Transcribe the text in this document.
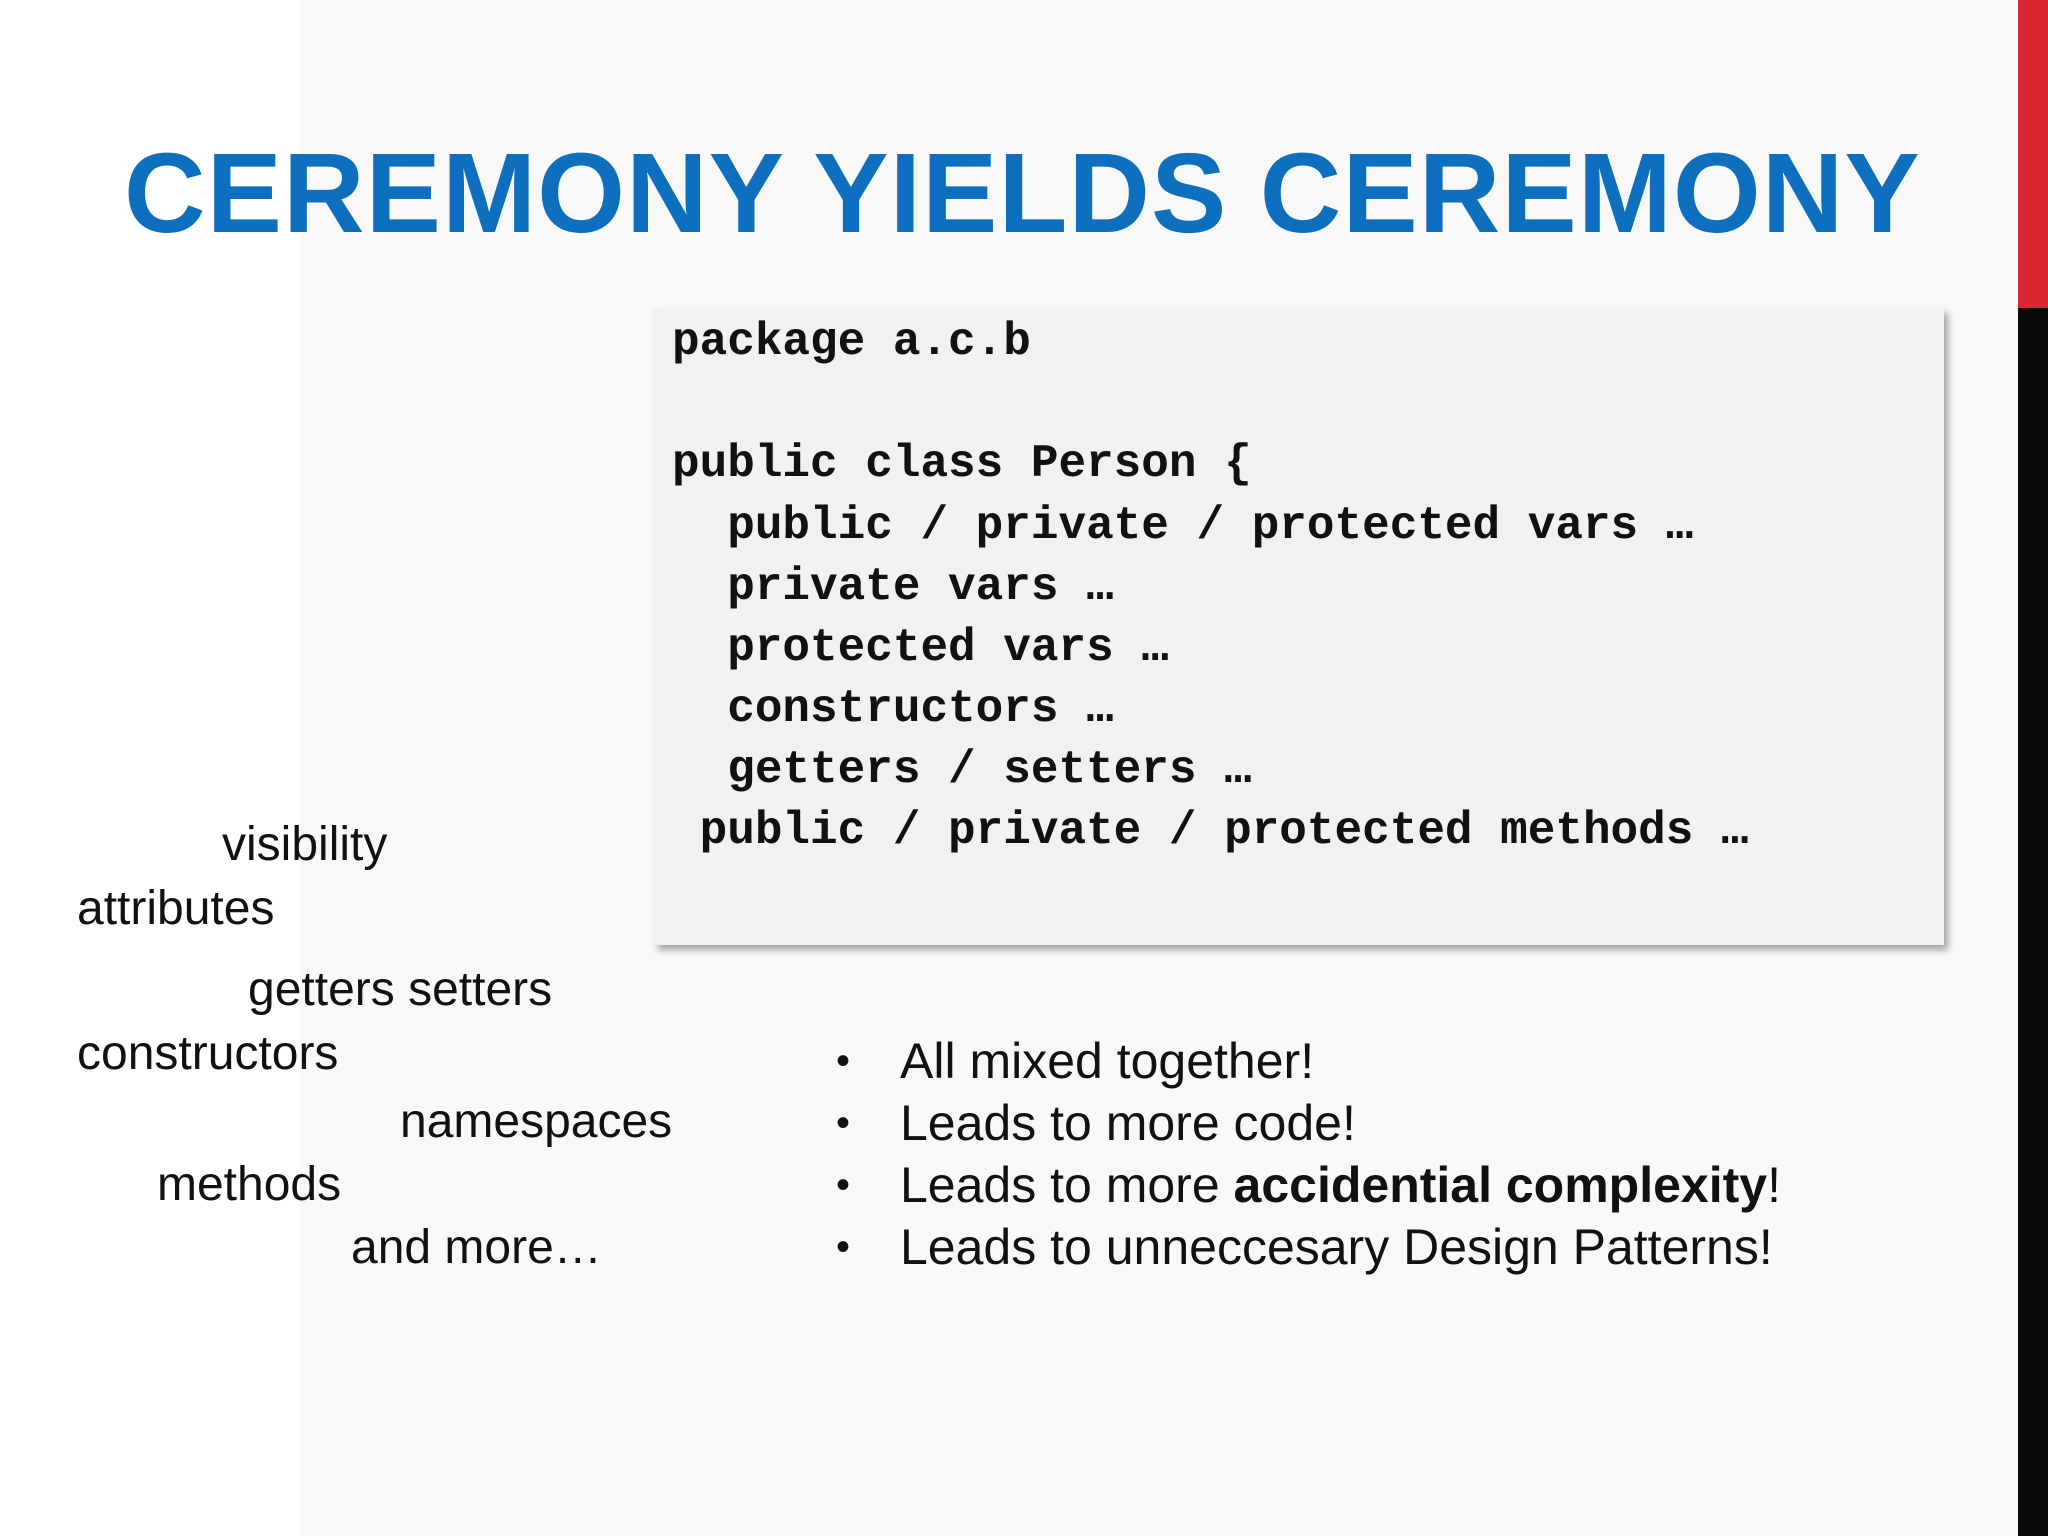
CEREMONY YIELDS CEREMONY
package a.c.b
public class Person {
public / private / protected vars …
private vars …
protected vars …
constructors …
getters / setters …
public / private / protected methods …
visibility
attributes
getters setters
constructors
namespaces
methods
and more…
• All mixed together!
• Leads to more code!
• Leads to more accidential complexity!
• Leads to unneccesary Design Patterns!
